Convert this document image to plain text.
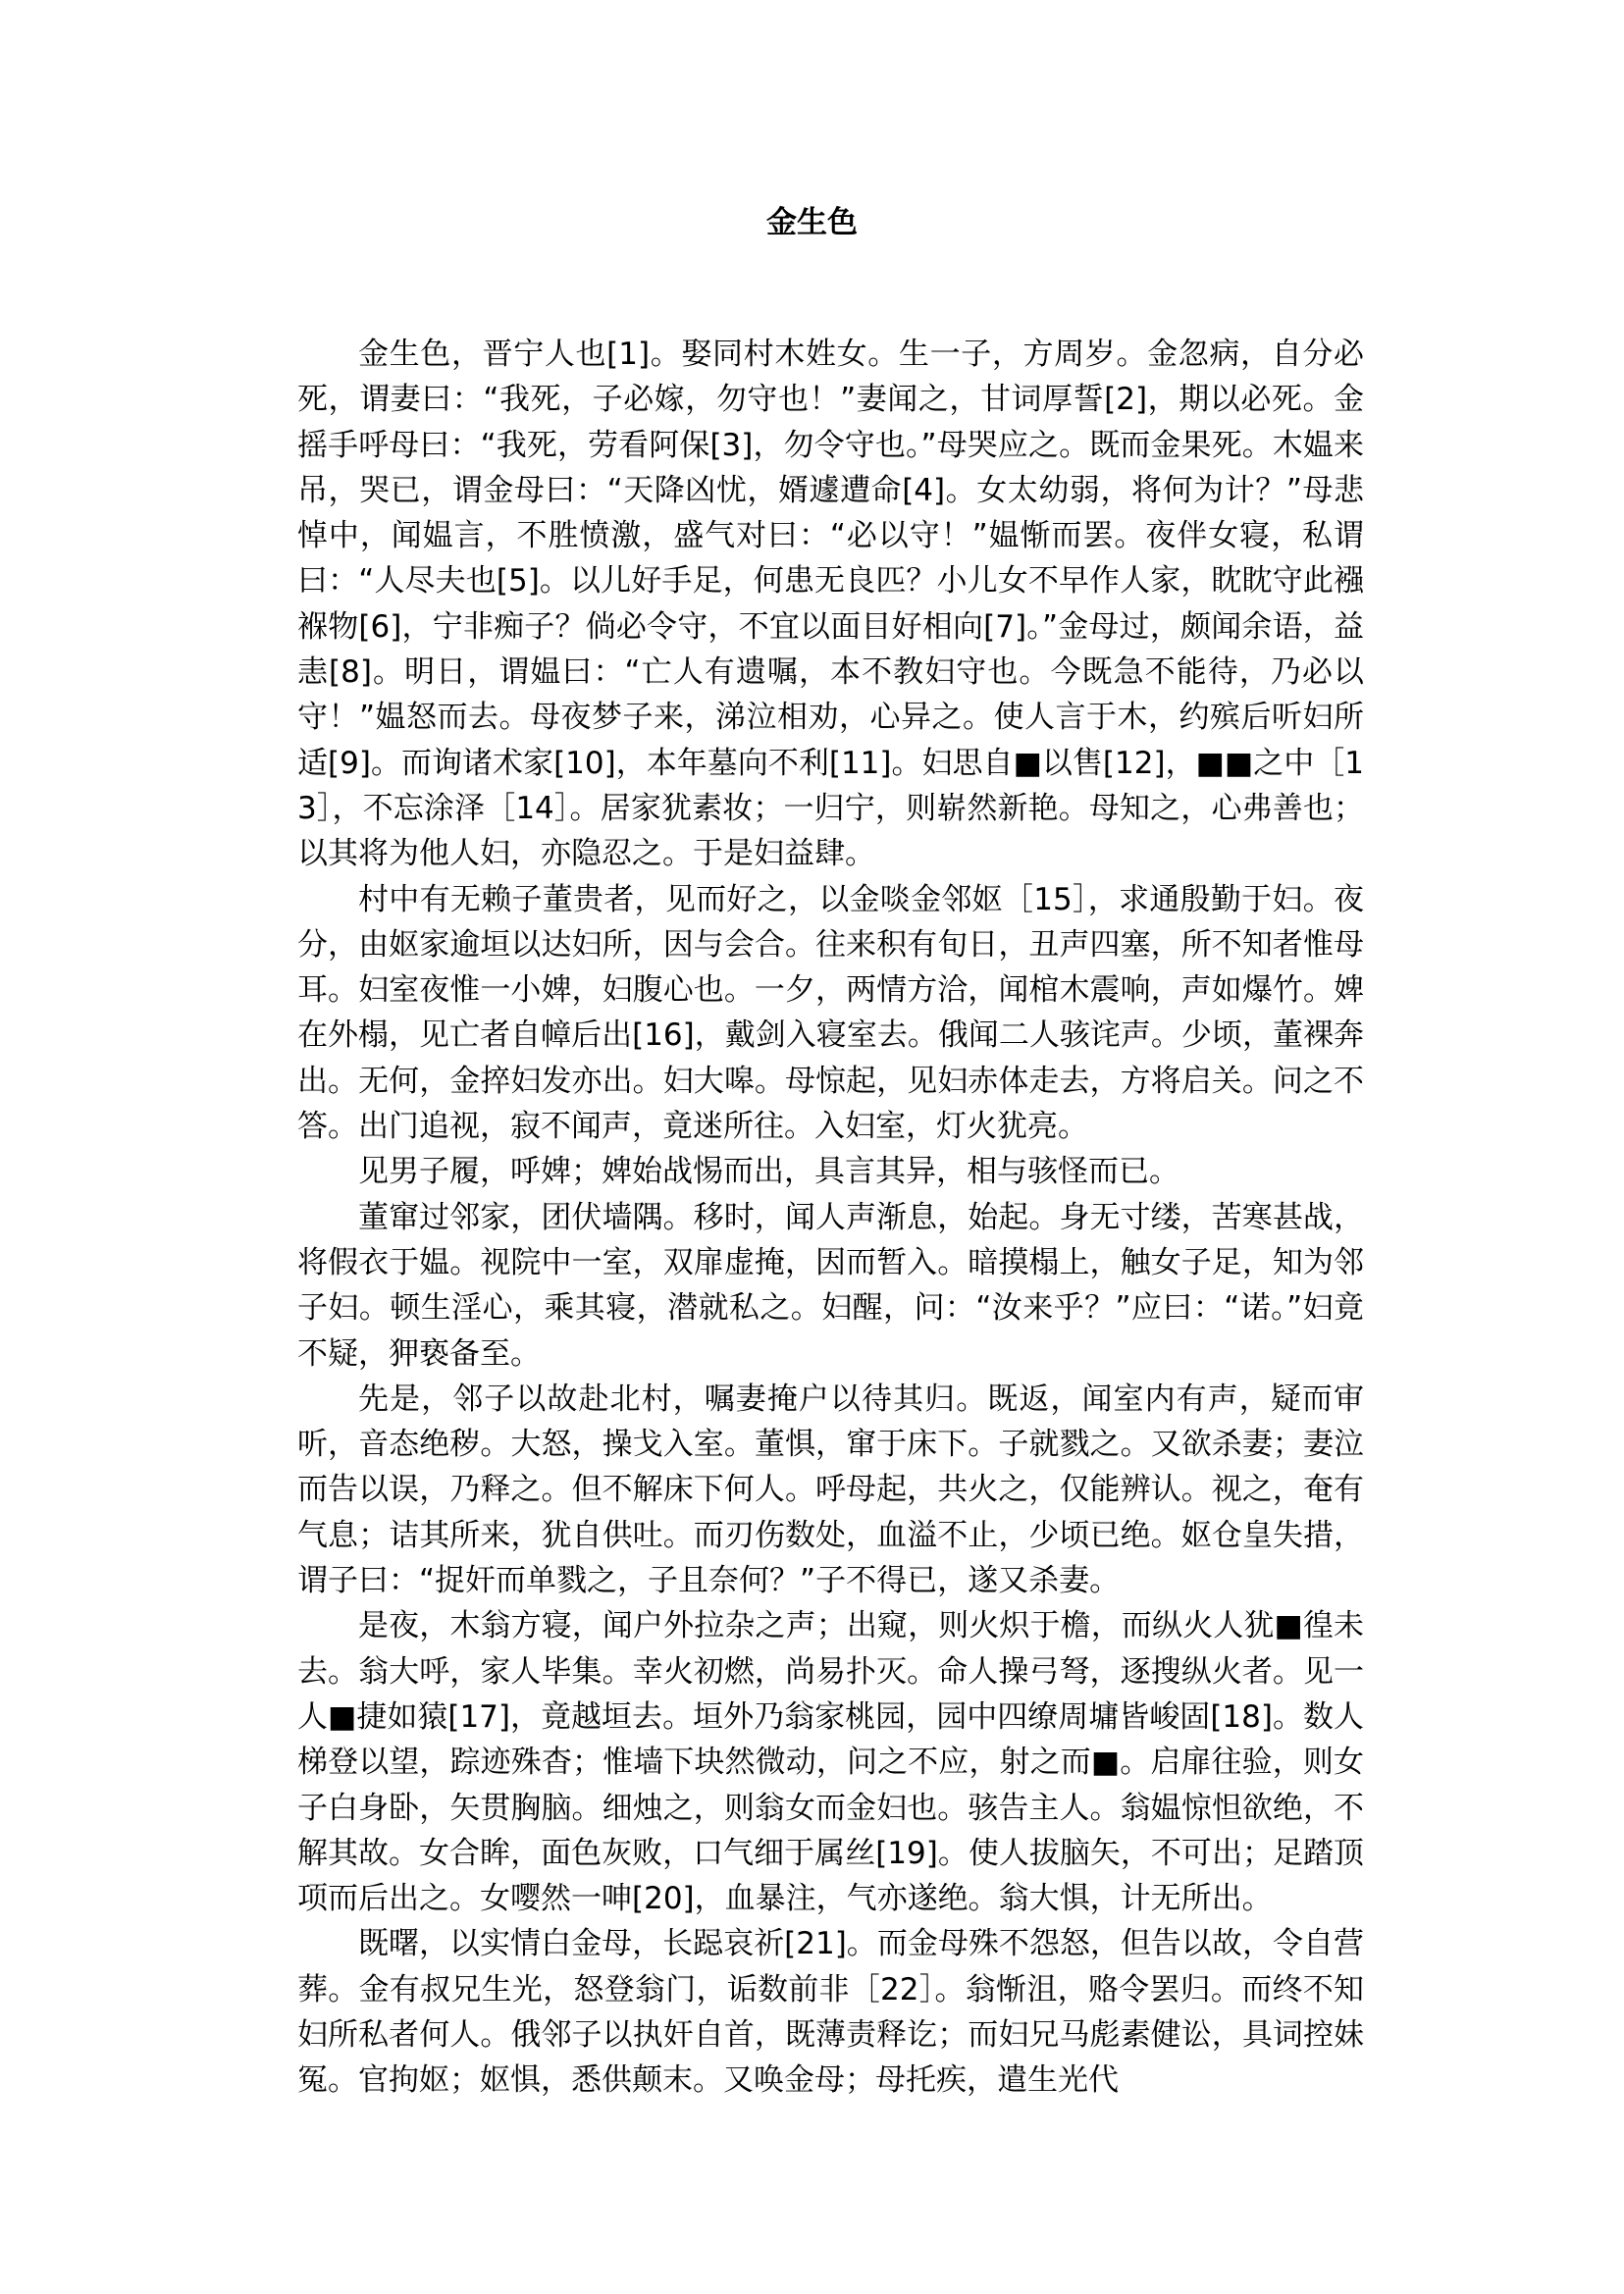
金生色

金生色，晋宁人也[1]。娶同村木姓女。生一子，方周岁。金忽病，自分必死，谓妻曰：“我死，子必嫁，勿守也！”妻闻之，甘词厚誓[2]，期以必死。金摇手呼母曰：“我死，劳看阿保[3]，勿令守也。”母哭应之。既而金果死。木媪来吊，哭已，谓金母曰：“天降凶忧，婿遽遭命[4]。女太幼弱，将何为计？”母悲悼中，闻媪言，不胜愤激，盛气对曰：“必以守！”媪惭而罢。夜伴女寝，私谓曰：“人尽夫也[5]。以儿好手足，何患无良匹？小儿女不早作人家，眈眈守此襁褓物[6]，宁非痴子？倘必令守，不宜以面目好相向[7]。”金母过，颇闻余语，益恚[8]。明日，谓媪曰：“亡人有遗嘱，本不教妇守也。今既急不能待，乃必以守！”媪怒而去。母夜梦子来，涕泣相劝，心异之。使人言于木，约殡后听妇所适[9]。而询诸术家[10]，本年墓向不利[11]。妇思自■以售[12]，■■之中［13］，不忘涂泽［14］。居家犹素妆；一归宁，则崭然新艳。母知之，心弗善也；以其将为他人妇，亦隐忍之。于是妇益肆。

村中有无赖子董贵者，见而好之，以金啖金邻妪［15］，求通殷勤于妇。夜分，由妪家逾垣以达妇所，因与会合。往来积有旬日，丑声四塞，所不知者惟母耳。妇室夜惟一小婢，妇腹心也。一夕，两情方洽，闻棺木震响，声如爆竹。婢在外榻，见亡者自幛后出[16]，戴剑入寝室去。俄闻二人骇诧声。少顷，董裸奔出。无何，金捽妇发亦出。妇大嗥。母惊起，见妇赤体走去，方将启关。问之不答。出门追视，寂不闻声，竟迷所往。入妇室，灯火犹亮。

见男子履，呼婢；婢始战惕而出，具言其异，相与骇怪而已。

董窜过邻家，团伏墙隅。移时，闻人声渐息，始起。身无寸缕，苦寒甚战，将假衣于媪。视院中一室，双扉虚掩，因而暂入。暗摸榻上，触女子足，知为邻子妇。顿生淫心，乘其寝，潜就私之。妇醒，问：“汝来乎？”应曰：“诺。”妇竟不疑，狎亵备至。

先是，邻子以故赴北村，嘱妻掩户以待其归。既返，闻室内有声，疑而审听，音态绝秽。大怒，操戈入室。董惧，窜于床下。子就戮之。又欲杀妻；妻泣而告以误，乃释之。但不解床下何人。呼母起，共火之，仅能辨认。视之，奄有气息；诘其所来，犹自供吐。而刃伤数处，血溢不止，少顷已绝。妪仓皇失措，谓子曰：“捉奸而单戮之，子且奈何？”子不得已，遂又杀妻。

是夜，木翁方寝，闻户外拉杂之声；出窥，则火炽于檐，而纵火人犹■徨未去。翁大呼，家人毕集。幸火初燃，尚易扑灭。命人操弓弩，逐搜纵火者。见一人■捷如猿[17]，竟越垣去。垣外乃翁家桃园，园中四缭周墉皆峻固[18]。数人梯登以望，踪迹殊杳；惟墙下块然微动，问之不应，射之而■。启扉往验，则女子白身卧，矢贯胸脑。细烛之，则翁女而金妇也。骇告主人。翁媪惊怛欲绝，不解其故。女合眸，面色灰败，口气细于属丝[19]。使人拔脑矢，不可出；足踏顶项而后出之。女嘤然一呻[20]，血暴注，气亦遂绝。翁大惧，计无所出。

既曙，以实情白金母，长跽哀祈[21]。而金母殊不怨怒，但告以故，令自营葬。金有叔兄生光，怒登翁门，诟数前非［22］。翁惭沮，赂令罢归。而终不知妇所私者何人。俄邻子以执奸自首，既薄责释讫；而妇兄马彪素健讼，具词控妹冤。官拘妪；妪惧，悉供颠末。又唤金母；母托疾，遣生光代
